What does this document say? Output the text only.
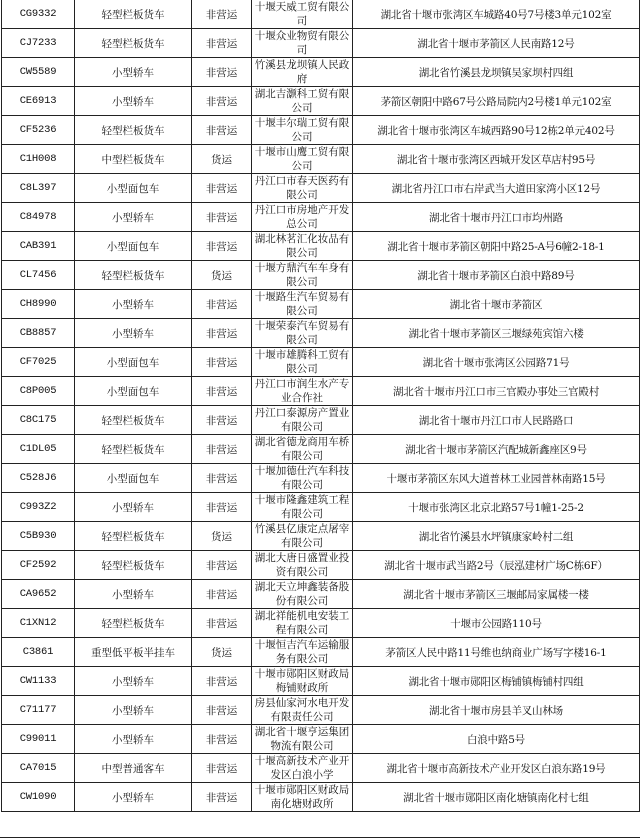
CG9332	轻型栏板货车	非营运	十堰天威工贸有限公司	湖北省十堰市张湾区车城路40号7号楼3单元102室
CJ7233	轻型栏板货车	非营运	十堰众业物贸有限公司	湖北省十堰市茅箭区人民南路12号
CW5589	小型轿车	非营运	竹溪县龙坝镇人民政府	湖北省竹溪县龙坝镇吴家坝村四组
CE6913	小型轿车	非营运	湖北吉灏科工贸有限公司	茅箭区朝阳中路67号公路局院内2号楼1单元102室
CF5236	轻型栏板货车	非营运	十堰丰尔瑞工贸有限公司	湖北省十堰市张湾区车城西路90号12栋2单元402号
C1H008	中型栏板货车	货运	十堰市山鹰工贸有限公司	湖北省十堰市张湾区西城开发区草店村95号
C8L397	小型面包车	非营运	丹江口市春天医药有限公司	湖北省丹江口市右岸武当大道田家湾小区12号
C84978	小型轿车	非营运	丹江口市房地产开发总公司	湖北省十堰市丹江口市均州路
CAB391	小型面包车	非营运	湖北林茗汇化妆品有限公司	湖北省十堰市茅箭区朝阳中路25-A号6幢2-18-1
CL7456	轻型栏板货车	货运	十堰方鼎汽车车身有限公司	湖北省十堰市茅箭区白浪中路89号
CH8990	小型轿车	非营运	十堰路生汽车贸易有限公司	湖北省十堰市茅箭区
CB8857	小型轿车	非营运	十堰荣泰汽车贸易有限公司	湖北省十堰市茅箭区三堰绿苑宾馆六楼
CF7025	小型面包车	非营运	十堰市雄腾科工贸有限公司	湖北省十堰市张湾区公园路71号
C8P005	小型面包车	非营运	丹江口市润生水产专业合作社	湖北省十堰市丹江口市三官殿办事处三官殿村
C8C175	轻型栏板货车	非营运	丹江口泰源房产置业有限公司	湖北省十堰市丹江口市人民路路口
C1DL05	轻型栏板货车	非营运	湖北省德龙商用车桥有限公司	湖北省十堰市茅箭区汽配城新鑫座区9号
C528J6	小型面包车	非营运	十堰加德仕汽车科技有限公司	十堰市茅箭区东风大道普林工业园普林南路15号
C993Z2	小型轿车	非营运	十堰市隆鑫建筑工程有限公司	十堰市张湾区北京北路57号1幢1-25-2
C5B930	轻型栏板货车	货运	竹溪县亿康定点屠宰有限公司	湖北省竹溪县水坪镇康家岭村二组
CF2592	轻型栏板货车	非营运	湖北大唐日盛置业投资有限公司	湖北省十堰市武当路2号（辰泓建材广场C栋6F）
CA9652	小型轿车	非营运	湖北天立坤鑫装备股份有限公司	湖北省十堰市茅箭区三堰邮局家属楼一楼
C1XN12	轻型栏板货车	非营运	湖北祥能机电安装工程有限公司	十堰市公园路110号
C3861	重型低平板半挂车	货运	十堰恒吉汽车运输服务有限公司	茅箭区人民中路11号维也纳商业广场写字楼16-1
CW1133	小型轿车	非营运	十堰市郧阳区财政局梅铺财政所	湖北省十堰市郧阳区梅铺镇梅铺村四组
C71177	小型轿车	非营运	房县仙家河水电开发有限责任公司	湖北省十堰市房县羊叉山林场
C99011	小型轿车	非营运	湖北省十堰亨运集团物流有限公司	白浪中路5号
CA7015	中型普通客车	非营运	十堰高新技术产业开发区白浪小学	湖北省十堰市高新技术产业开发区白浪东路19号
CW1090	小型轿车	非营运	十堰市郧阳区财政局南化塘财政所	湖北省十堰市郧阳区南化塘镇南化村七组
